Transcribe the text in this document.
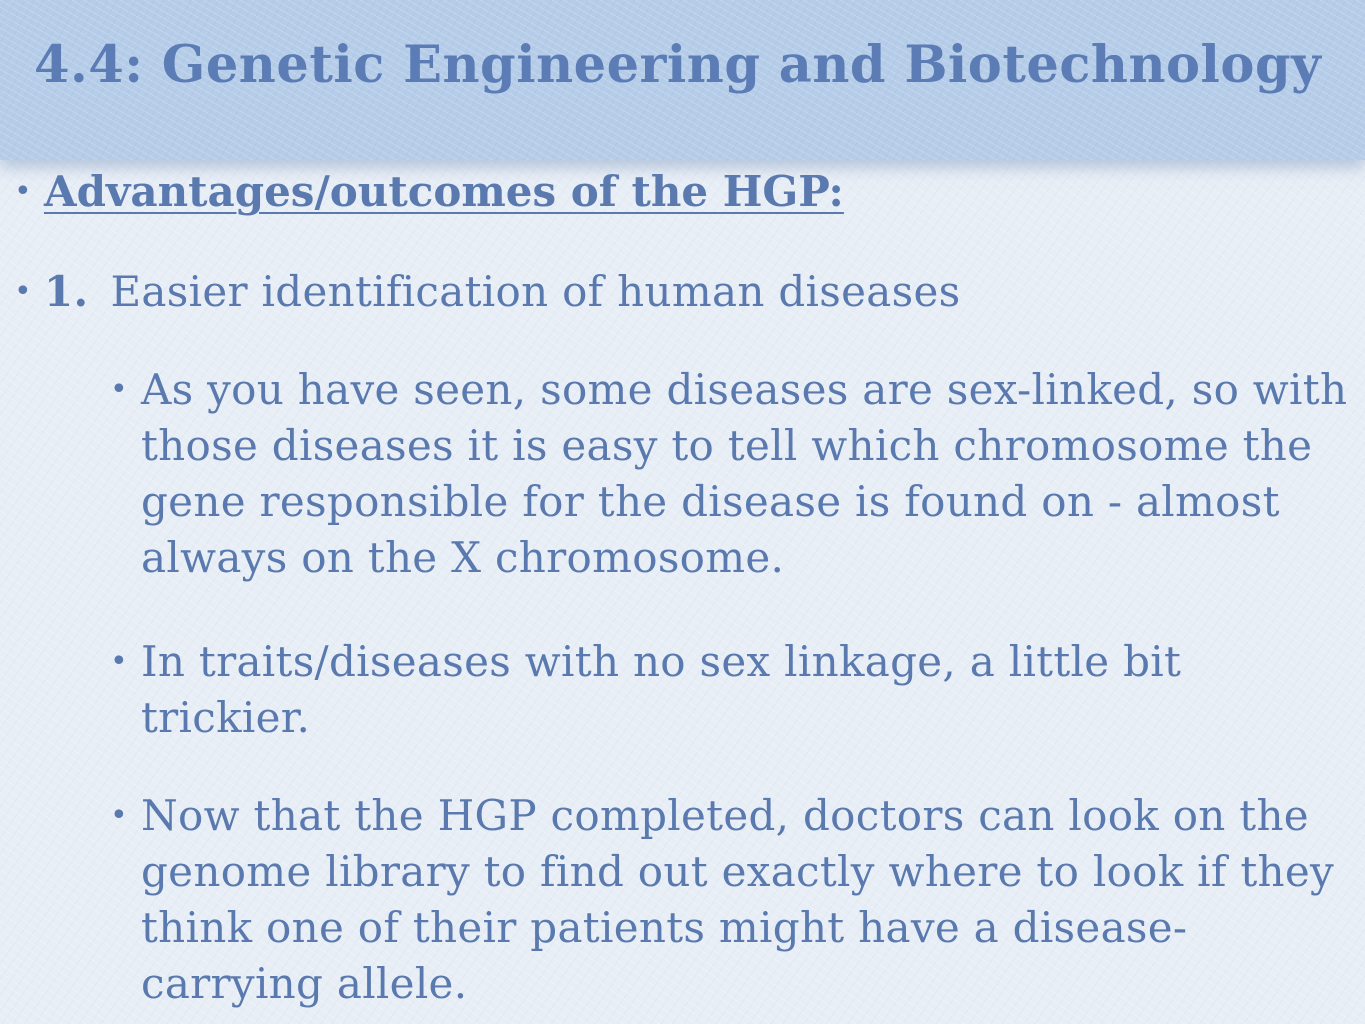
4.4: Genetic Engineering and Biotechnology
• Advantages/outcomes of the HGP:
• 1. Easier identification of human diseases
• As you have seen, some diseases are sex-linked, so with those diseases it is easy to tell which chromosome the gene responsible for the disease is found on - almost always on the X chromosome.
• In traits/diseases with no sex linkage, a little bit trickier.
• Now that the HGP completed, doctors can look on the genome library to find out exactly where to look if they think one of their patients might have a disease-carrying allele.
